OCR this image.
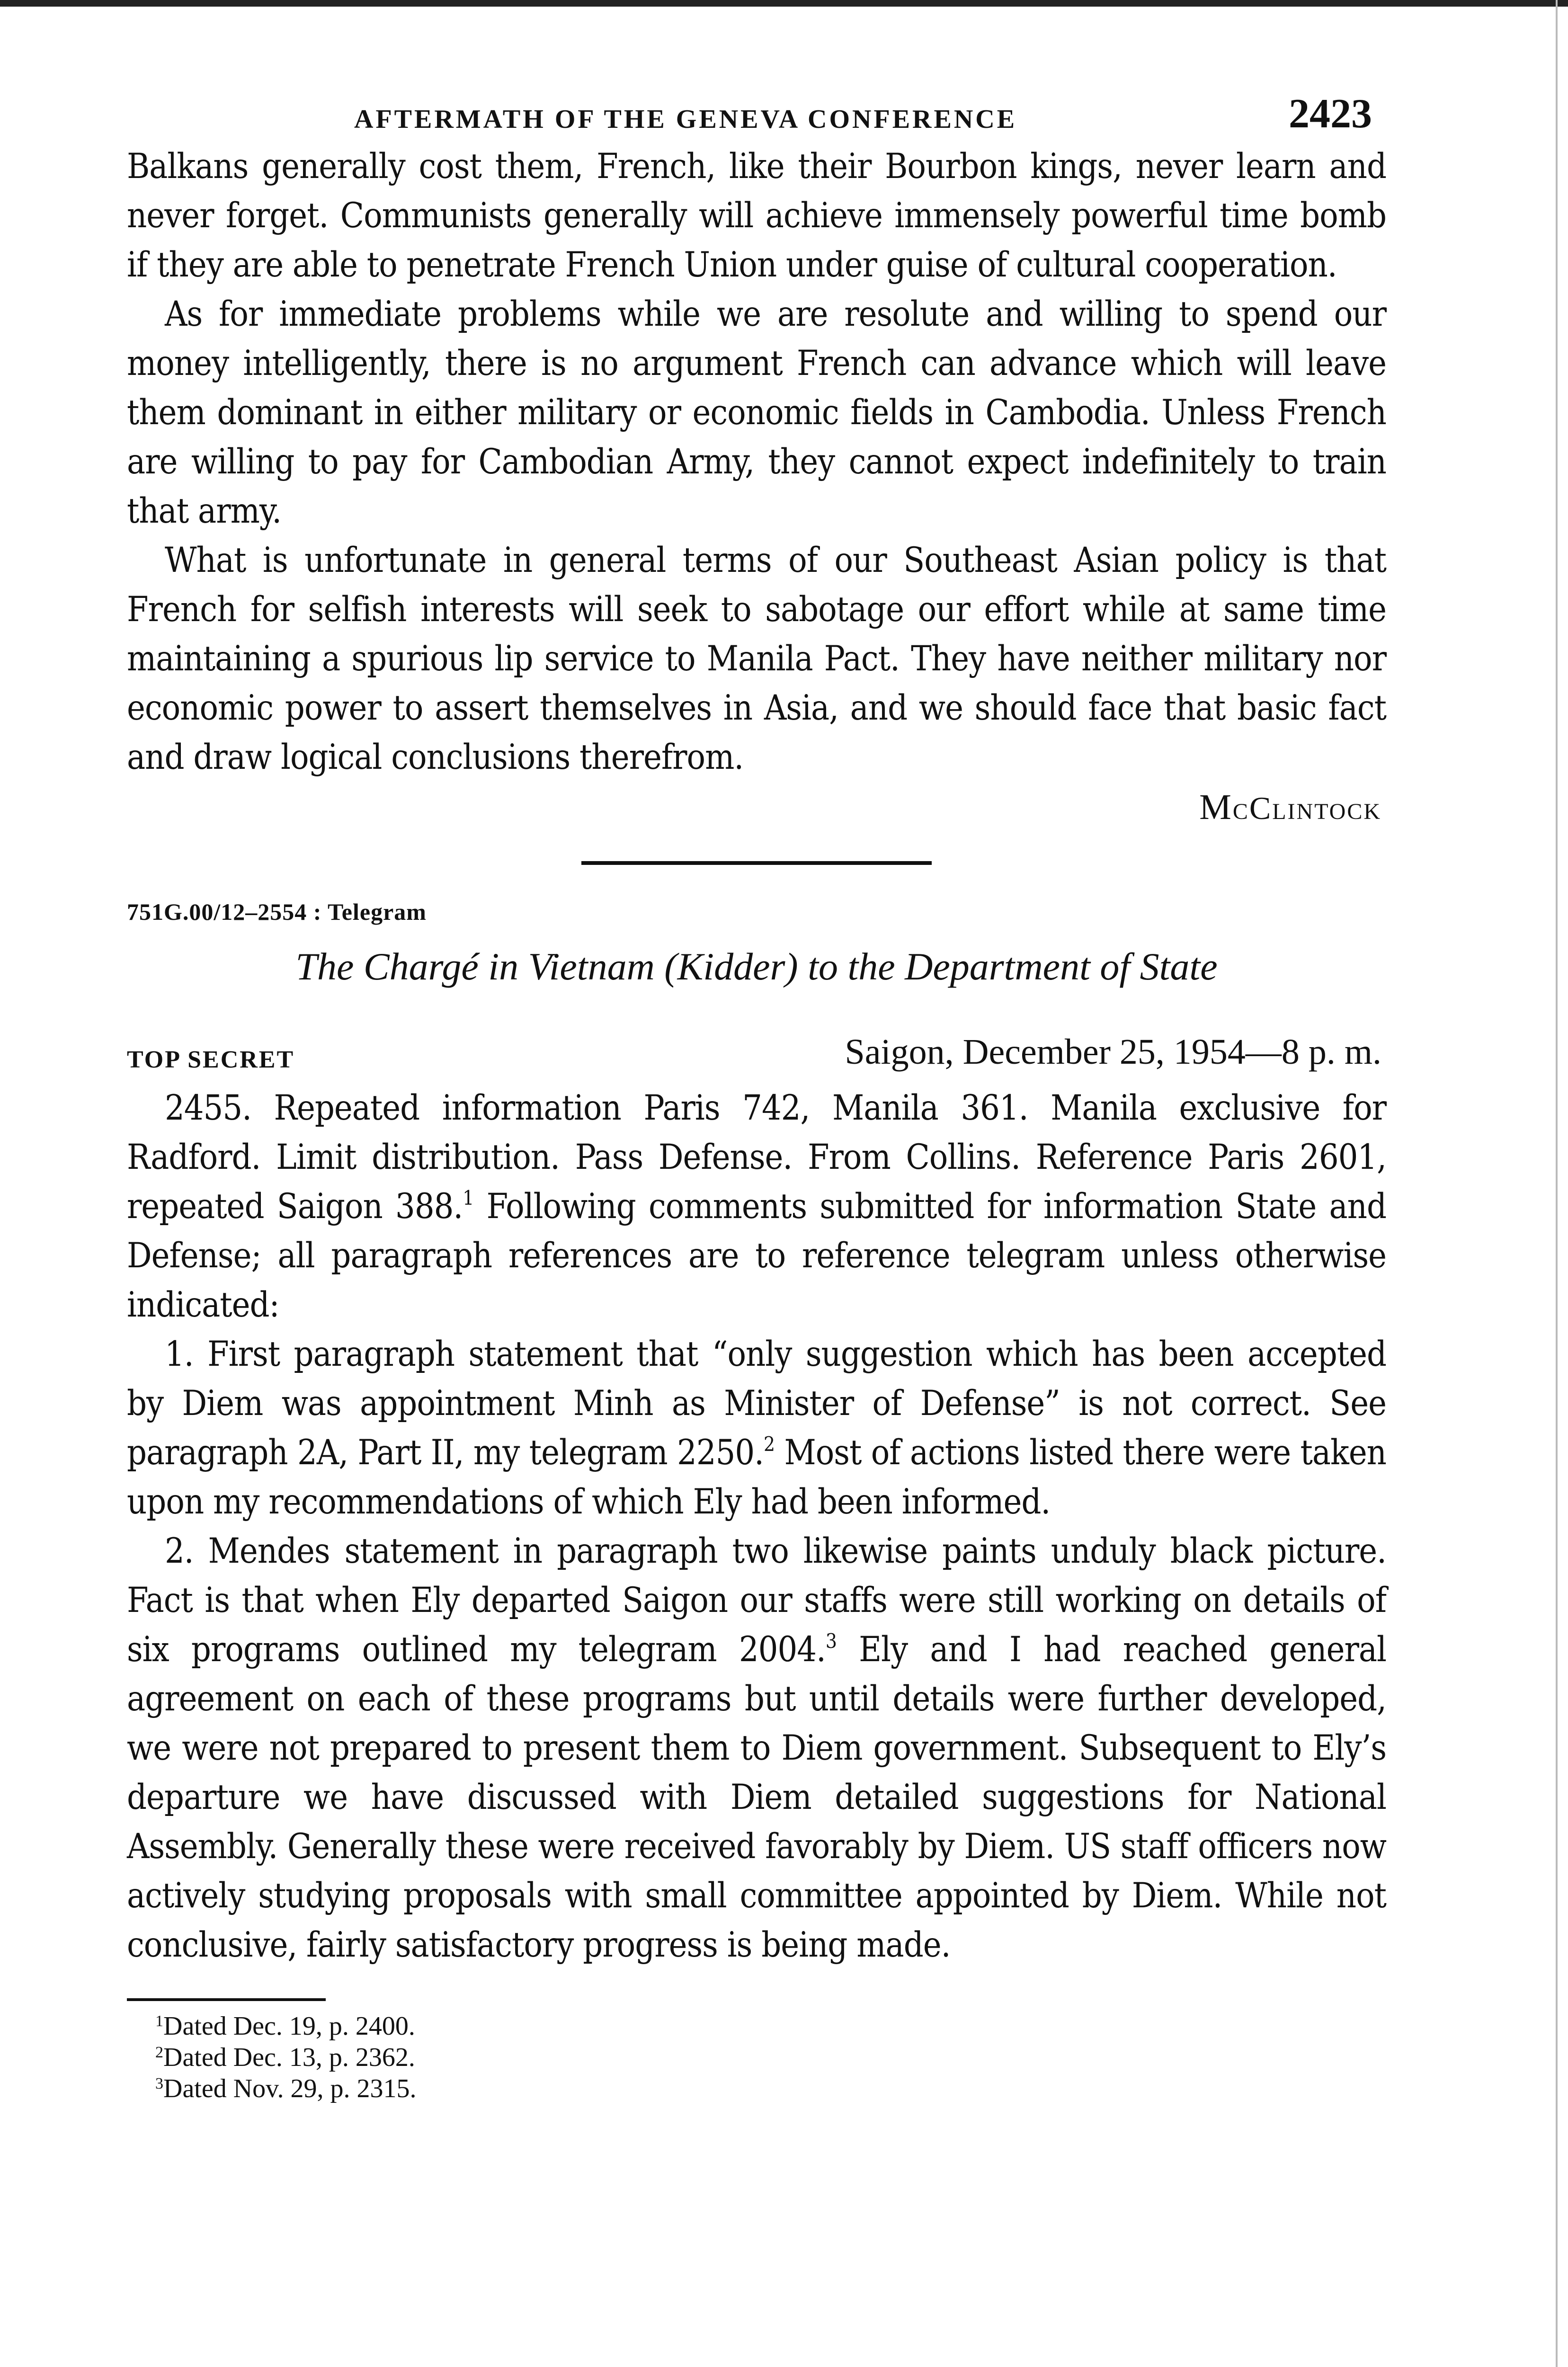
AFTERMATH OF THE GENEVA CONFERENCE	2423

Balkans generally cost them, French, like their Bourbon kings, never learn and never forget. Communists generally will achieve immensely powerful time bomb if they are able to penetrate French Union under guise of cultural cooperation.

As for immediate problems while we are resolute and willing to spend our money intelligently, there is no argument French can advance which will leave them dominant in either military or economic fields in Cambodia. Unless French are willing to pay for Cambodian Army, they cannot expect indefinitely to train that army.

What is unfortunate in general terms of our Southeast Asian policy is that French for selfish interests will seek to sabotage our effort while at same time maintaining a spurious lip service to Manila Pact. They have neither military nor economic power to assert themselves in Asia, and we should face that basic fact and draw logical conclusions therefrom.

McClintock
751G.00/12–2554 : Telegram
The Chargé in Vietnam (Kidder) to the Department of State
TOP SECRET	Saigon, December 25, 1954—8 p. m.

2455. Repeated information Paris 742, Manila 361. Manila exclusive for Radford. Limit distribution. Pass Defense. From Collins. Reference Paris 2601, repeated Saigon 388.$^1$ Following comments submitted for information State and Defense; all paragraph references are to reference telegram unless otherwise indicated:

1. First paragraph statement that “only suggestion which has been accepted by Diem was appointment Minh as Minister of Defense” is not correct. See paragraph 2A, Part II, my telegram 2250.$^2$ Most of actions listed there were taken upon my recommendations of which Ely had been informed.

2. Mendes statement in paragraph two likewise paints unduly black picture. Fact is that when Ely departed Saigon our staffs were still working on details of six programs outlined my telegram 2004.$^3$ Ely and I had reached general agreement on each of these programs but until details were further developed, we were not prepared to present them to Diem government. Subsequent to Ely’s departure we have discussed with Diem detailed suggestions for National Assembly. Generally these were received favorably by Diem. US staff officers now actively studying proposals with small committee appointed by Diem. While not conclusive, fairly satisfactory progress is being made.

$^1$Dated Dec. 19, p. 2400.
$^2$Dated Dec. 13, p. 2362.
$^3$Dated Nov. 29, p. 2315.
